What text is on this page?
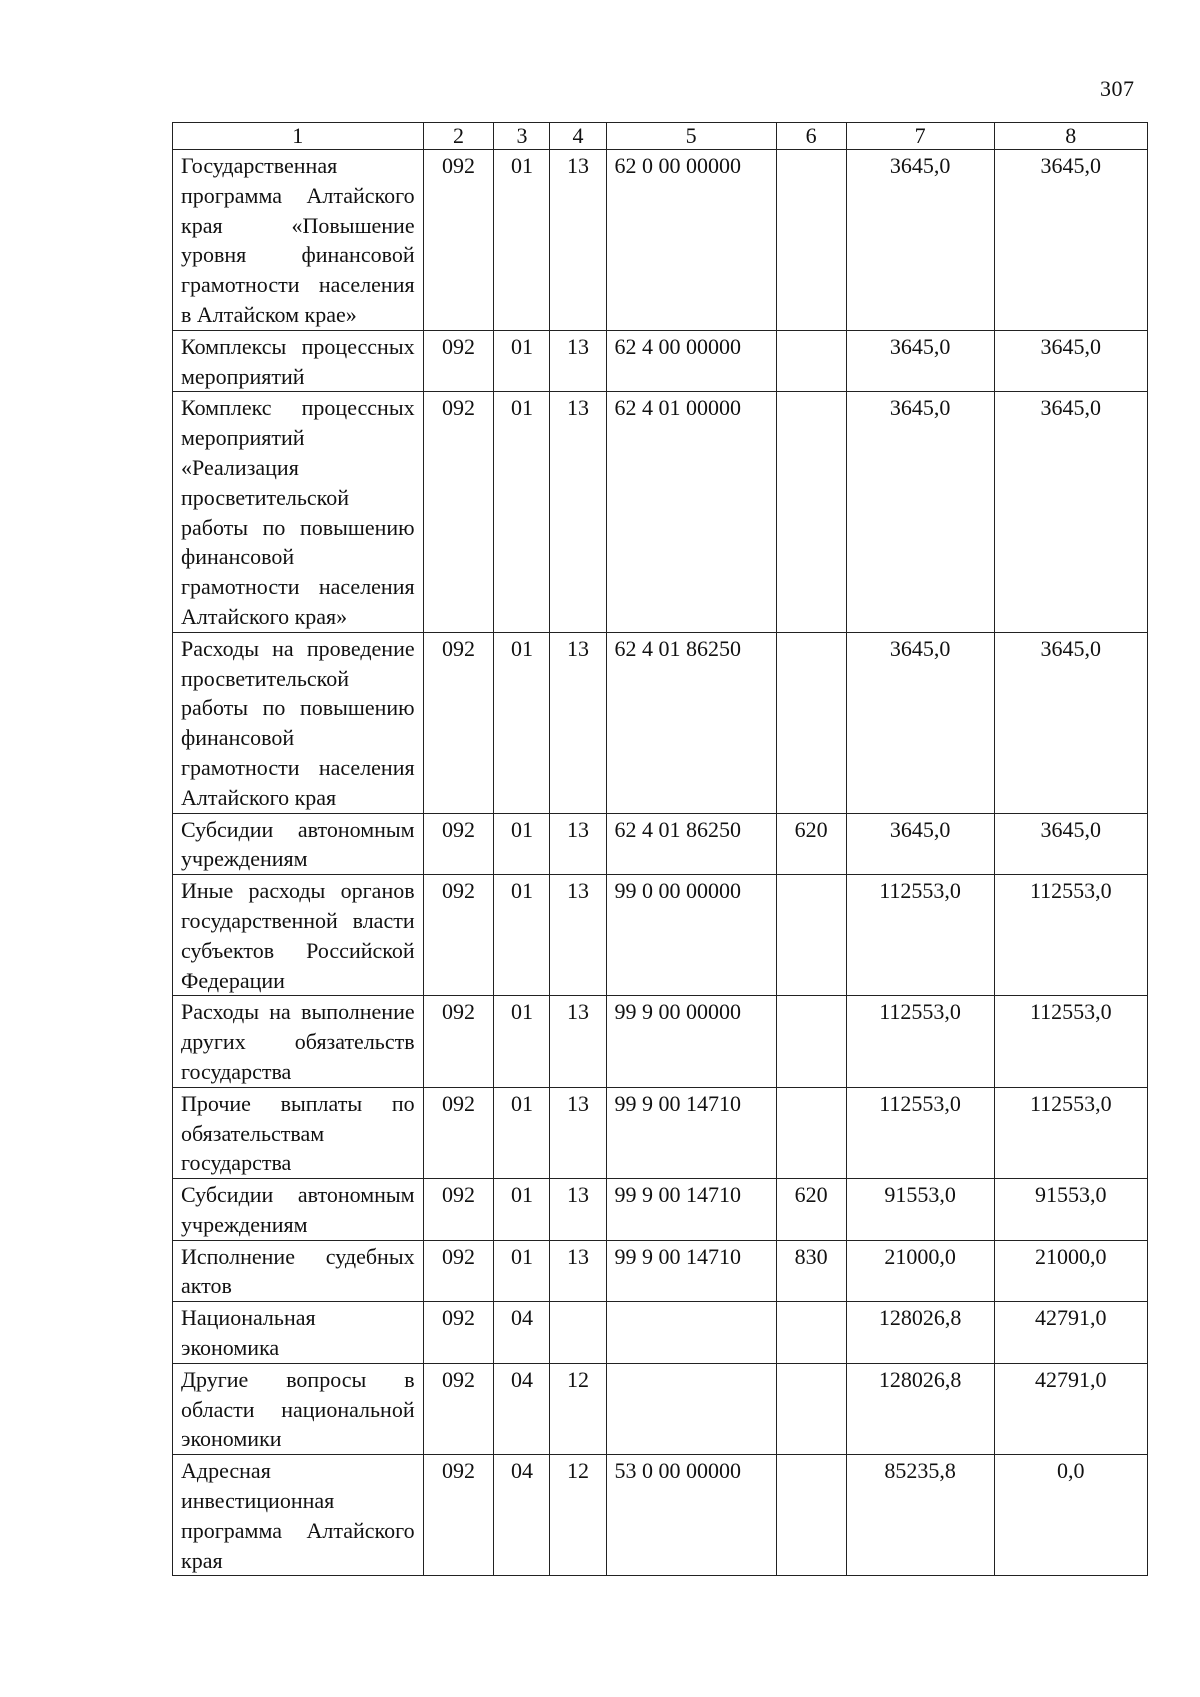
307
1	2	3	4	5	6	7	8
Государственная программа Алтайского края «Повышение уровня финансовой грамотности населения в Алтайском крае»	092	01	13	62 0 00 00000		3645,0	3645,0
Комплексы процессных мероприятий	092	01	13	62 4 00 00000		3645,0	3645,0
Комплекс процессных мероприятий «Реализация просветительской работы по повышению финансовой грамотности населения Алтайского края»	092	01	13	62 4 01 00000		3645,0	3645,0
Расходы на проведение просветительской работы по повышению финансовой грамотности населения Алтайского края	092	01	13	62 4 01 86250		3645,0	3645,0
Субсидии автономным учреждениям	092	01	13	62 4 01 86250	620	3645,0	3645,0
Иные расходы органов государственной власти субъектов Российской Федерации	092	01	13	99 0 00 00000		112553,0	112553,0
Расходы на выполнение других обязательств государства	092	01	13	99 9 00 00000		112553,0	112553,0
Прочие выплаты по обязательствам государства	092	01	13	99 9 00 14710		112553,0	112553,0
Субсидии автономным учреждениям	092	01	13	99 9 00 14710	620	91553,0	91553,0
Исполнение судебных актов	092	01	13	99 9 00 14710	830	21000,0	21000,0
Национальная экономика	092	04				128026,8	42791,0
Другие вопросы в области национальной экономики	092	04	12			128026,8	42791,0
Адресная инвестиционная программа Алтайского края	092	04	12	53 0 00 00000		85235,8	0,0
